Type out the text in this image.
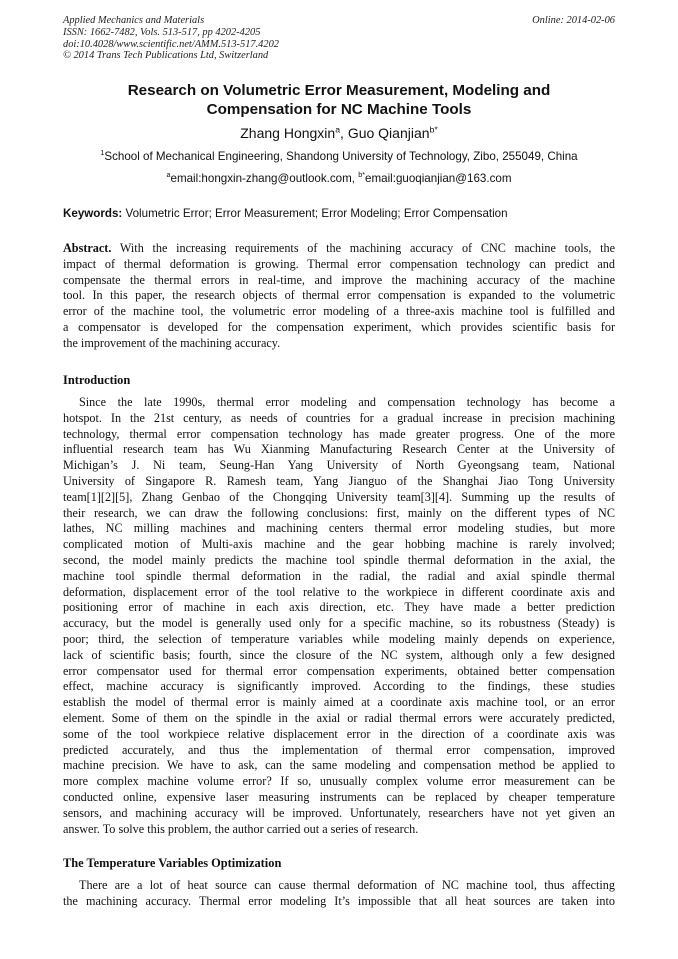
Applied Mechanics and Materials
ISSN: 1662-7482, Vols. 513-517, pp 4202-4205
doi:10.4028/www.scientific.net/AMM.513-517.4202
© 2014 Trans Tech Publications Ltd, Switzerland
Online: 2014-02-06
Research on Volumetric Error Measurement, Modeling and
Compensation for NC Machine Tools
Zhang Hongxin$^a$, Guo Qianjian$^{b*}$
$^1$School of Mechanical Engineering, Shandong University of Technology, Zibo, 255049, China
$^a$email:hongxin-zhang@outlook.com, $^{b*}$email:guoqianjian@163.com
Keywords: Volumetric Error; Error Measurement; Error Modeling; Error Compensation
Abstract. With the increasing requirements of the machining accuracy of CNC machine tools, the
impact of thermal deformation is growing. Thermal error compensation technology can predict and
compensate the thermal errors in real-time, and improve the machining accuracy of the machine
tool. In this paper, the research objects of thermal error compensation is expanded to the volumetric
error of the machine tool, the volumetric error modeling of a three-axis machine tool is fulfilled and
a compensator is developed for the compensation experiment, which provides scientific basis for
the improvement of the machining accuracy.
Introduction
Since the late 1990s, thermal error modeling and compensation technology has become a
hotspot. In the 21st century, as needs of countries for a gradual increase in precision machining
technology, thermal error compensation technology has made greater progress. One of the more
influential research team has Wu Xianming Manufacturing Research Center at the University of
Michigan’s J. Ni team, Seung-Han Yang University of North Gyeongsang team, National
University of Singapore R. Ramesh team, Yang Jianguo of the Shanghai Jiao Tong University
team[1][2][5], Zhang Genbao of the Chongqing University team[3][4]. Summing up the results of
their research, we can draw the following conclusions: first, mainly on the different types of NC
lathes, NC milling machines and machining centers thermal error modeling studies, but more
complicated motion of Multi-axis machine and the gear hobbing machine is rarely involved;
second, the model mainly predicts the machine tool spindle thermal deformation in the axial, the
machine tool spindle thermal deformation in the radial, the radial and axial spindle thermal
deformation, displacement error of the tool relative to the workpiece in different coordinate axis and
positioning error of machine in each axis direction, etc. They have made a better prediction
accuracy, but the model is generally used only for a specific machine, so its robustness (Steady) is
poor; third, the selection of temperature variables while modeling mainly depends on experience,
lack of scientific basis; fourth, since the closure of the NC system, although only a few designed
error compensator used for thermal error compensation experiments, obtained better compensation
effect, machine accuracy is significantly improved. According to the findings, these studies
establish the model of thermal error is mainly aimed at a coordinate axis machine tool, or an error
element. Some of them on the spindle in the axial or radial thermal errors were accurately predicted,
some of the tool workpiece relative displacement error in the direction of a coordinate axis was
predicted accurately, and thus the implementation of thermal error compensation, improved
machine precision. We have to ask, can the same modeling and compensation method be applied to
more complex machine volume error? If so, unusually complex volume error measurement can be
conducted online, expensive laser measuring instruments can be replaced by cheaper temperature
sensors, and machining accuracy will be improved. Unfortunately, researchers have not yet given an
answer. To solve this problem, the author carried out a series of research.
The Temperature Variables Optimization
There are a lot of heat source can cause thermal deformation of NC machine tool, thus affecting
the machining accuracy. Thermal error modeling It’s impossible that all heat sources are taken into
